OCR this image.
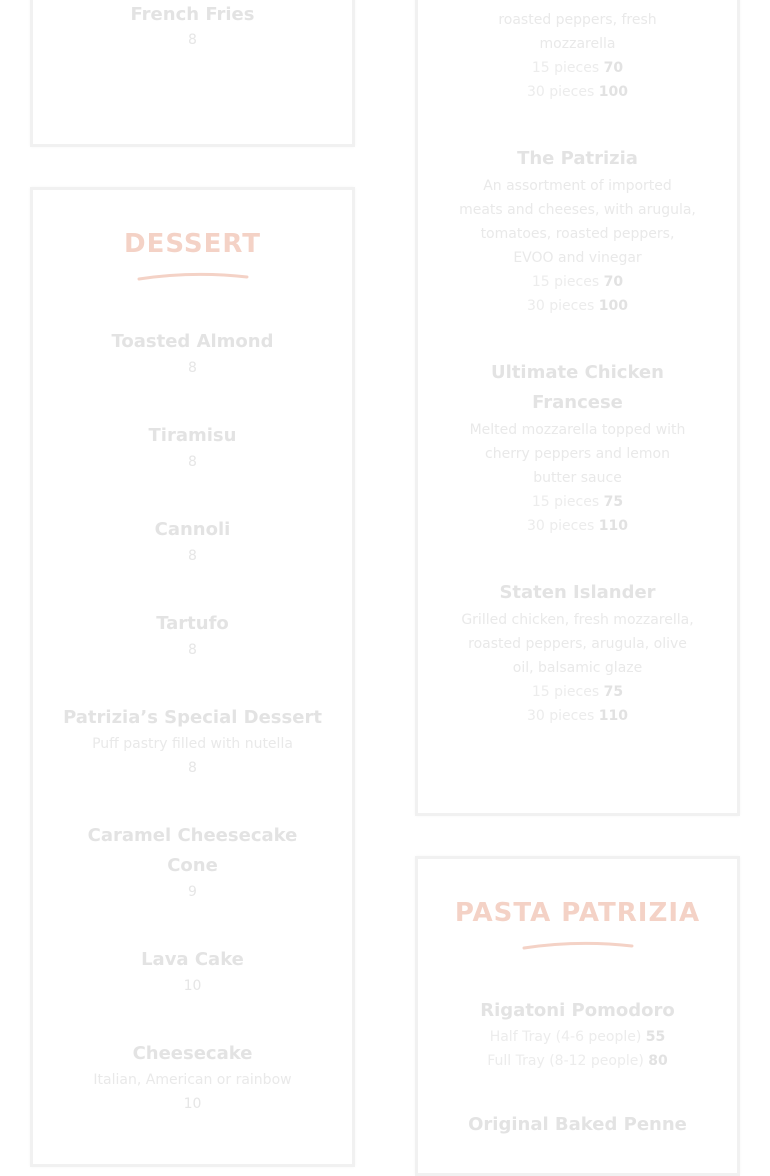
French Fries
8
DESSERT
Toasted Almond
8
Tiramisu
8
Cannoli
8
Tartufo
8
Patrizia’s Special Dessert
Puff pastry filled with nutella
8
Caramel Cheesecake
Cone
9
Lava Cake
10
Cheesecake
Italian, American or rainbow
10
roasted peppers, fresh
mozzarella
15 pieces 70
30 pieces 100
The Patrizia
An assortment of imported
meats and cheeses, with arugula,
tomatoes, roasted peppers,
EVOO and vinegar
15 pieces 70
30 pieces 100
Ultimate Chicken
Francese
Melted mozzarella topped with
cherry peppers and lemon
butter sauce
15 pieces 75
30 pieces 110
Staten Islander
Grilled chicken, fresh mozzarella,
roasted peppers, arugula, olive
oil, balsamic glaze
15 pieces 75
30 pieces 110
PASTA PATRIZIA
Rigatoni Pomodoro
Half Tray (4-6 people) 55
Full Tray (8-12 people) 80
Original Baked Penne
